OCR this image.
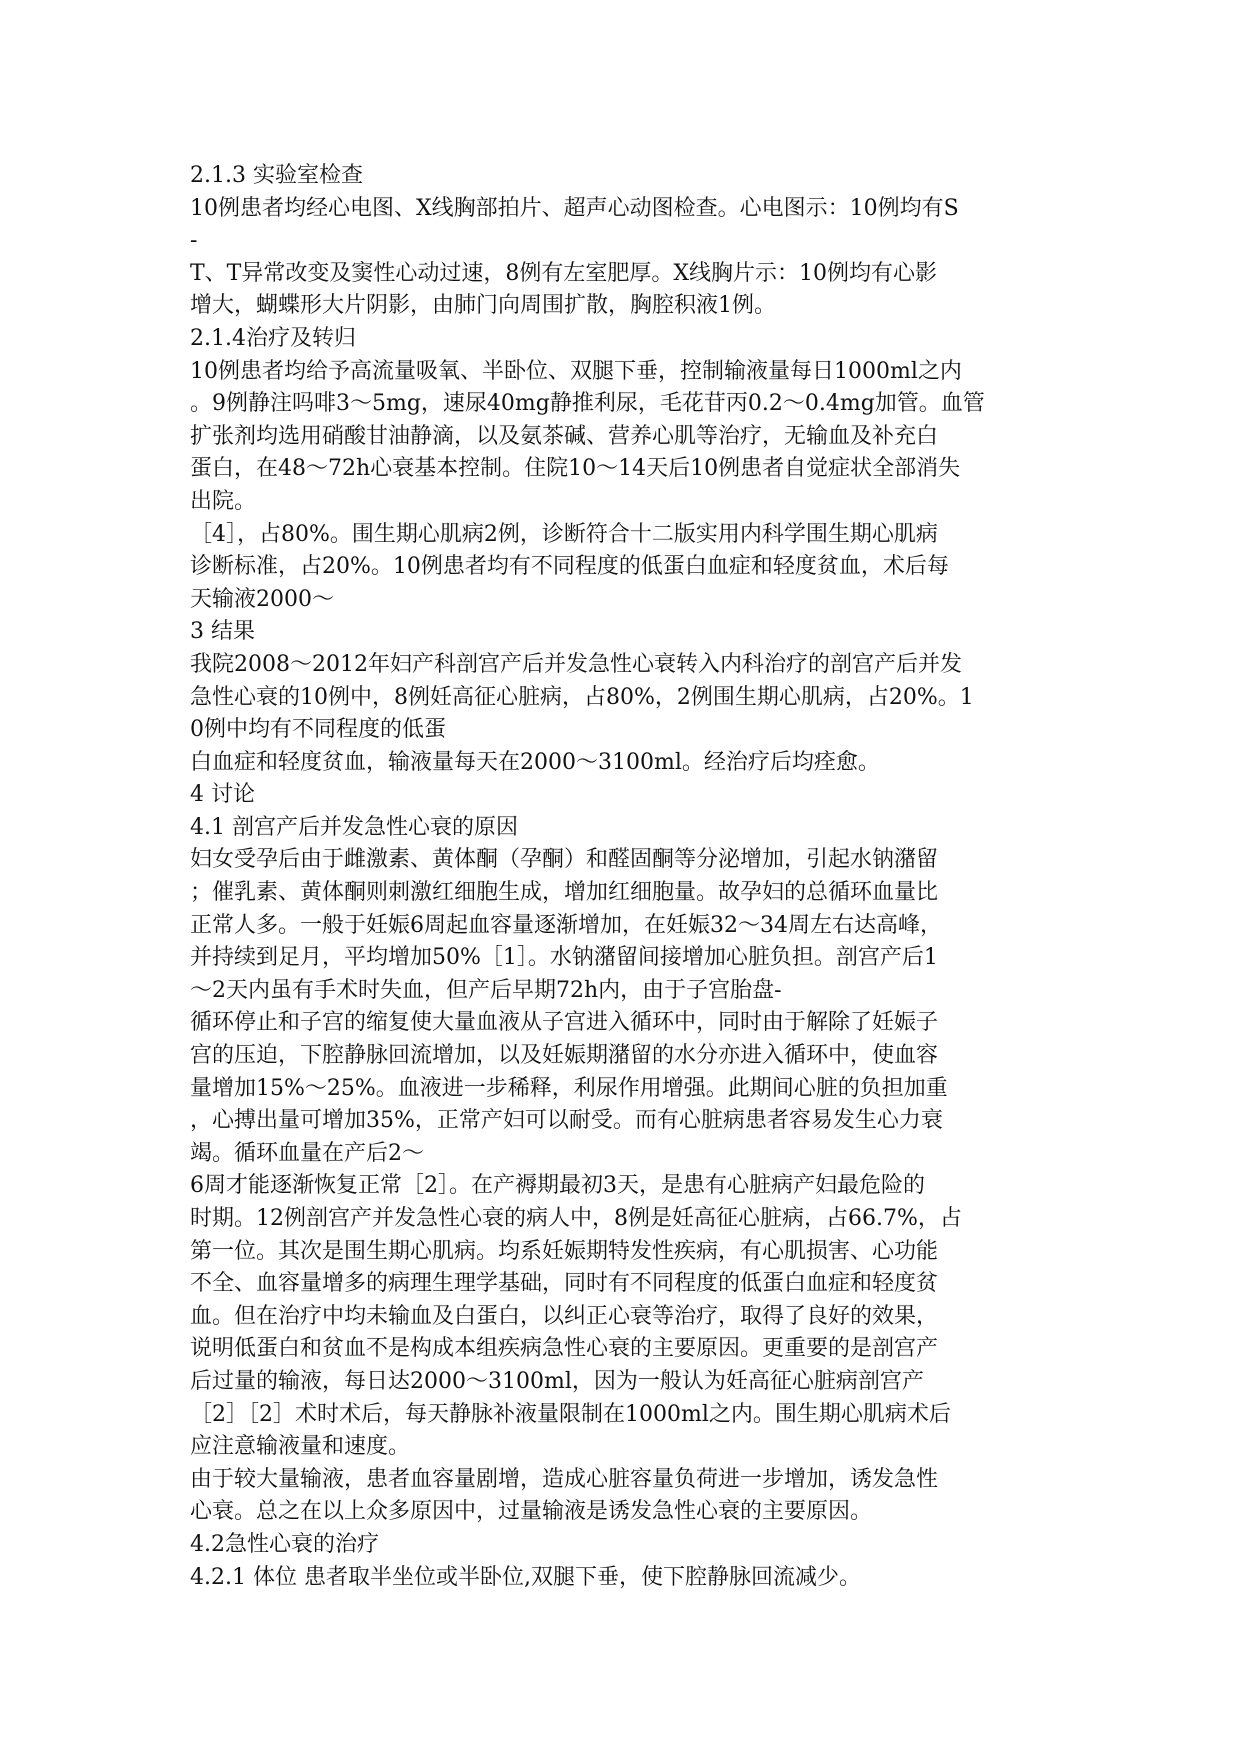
2.1.3 实验室检查
10例患者均经心电图、X线胸部拍片、超声心动图检查。心电图示：10例均有S
-
T、T异常改变及窦性心动过速，8例有左室肥厚。X线胸片示：10例均有心影
增大，蝴蝶形大片阴影，由肺门向周围扩散，胸腔积液1例。
2.1.4治疗及转归
10例患者均给予高流量吸氧、半卧位、双腿下垂，控制输液量每日1000ml之内
。9例静注吗啡3～5mg，速尿40mg静推利尿，毛花苷丙0.2～0.4mg加管。血管
扩张剂均选用硝酸甘油静滴，以及氨茶碱、营养心肌等治疗，无输血及补充白
蛋白，在48～72h心衰基本控制。住院10～14天后10例患者自觉症状全部消失
出院。
［4］，占80%。围生期心肌病2例，诊断符合十二版实用内科学围生期心肌病
诊断标准，占20%。10例患者均有不同程度的低蛋白血症和轻度贫血，术后每
天输液2000～
3 结果
我院2008～2012年妇产科剖宫产后并发急性心衰转入内科治疗的剖宫产后并发
急性心衰的10例中，8例妊高征心脏病，占80%，2例围生期心肌病，占20%。1
0例中均有不同程度的低蛋
白血症和轻度贫血，输液量每天在2000～3100ml。经治疗后均痊愈。
4 讨论
4.1 剖宫产后并发急性心衰的原因
妇女受孕后由于雌激素、黄体酮（孕酮）和醛固酮等分泌增加，引起水钠潴留
；催乳素、黄体酮则刺激红细胞生成，增加红细胞量。故孕妇的总循环血量比
正常人多。一般于妊娠6周起血容量逐渐增加，在妊娠32～34周左右达高峰，
并持续到足月，平均增加50%［1］。水钠潴留间接增加心脏负担。剖宫产后1
～2天内虽有手术时失血，但产后早期72h内，由于子宫胎盘-
循环停止和子宫的缩复使大量血液从子宫进入循环中，同时由于解除了妊娠子
宫的压迫，下腔静脉回流增加，以及妊娠期潴留的水分亦进入循环中，使血容
量增加15%～25%。血液进一步稀释，利尿作用增强。此期间心脏的负担加重
，心搏出量可增加35%，正常产妇可以耐受。而有心脏病患者容易发生心力衰
竭。循环血量在产后2～
6周才能逐渐恢复正常［2］。在产褥期最初3天，是患有心脏病产妇最危险的
时期。12例剖宫产并发急性心衰的病人中，8例是妊高征心脏病，占66.7%，占
第一位。其次是围生期心肌病。均系妊娠期特发性疾病，有心肌损害、心功能
不全、血容量增多的病理生理学基础，同时有不同程度的低蛋白血症和轻度贫
血。但在治疗中均未输血及白蛋白，以纠正心衰等治疗，取得了良好的效果，
说明低蛋白和贫血不是构成本组疾病急性心衰的主要原因。更重要的是剖宫产
后过量的输液，每日达2000～3100ml，因为一般认为妊高征心脏病剖宫产
［2］［2］术时术后，每天静脉补液量限制在1000ml之内。围生期心肌病术后
应注意输液量和速度。
由于较大量输液，患者血容量剧增，造成心脏容量负荷进一步增加，诱发急性
心衰。总之在以上众多原因中，过量输液是诱发急性心衰的主要原因。
4.2急性心衰的治疗
4.2.1 体位 患者取半坐位或半卧位,双腿下垂，使下腔静脉回流减少。
